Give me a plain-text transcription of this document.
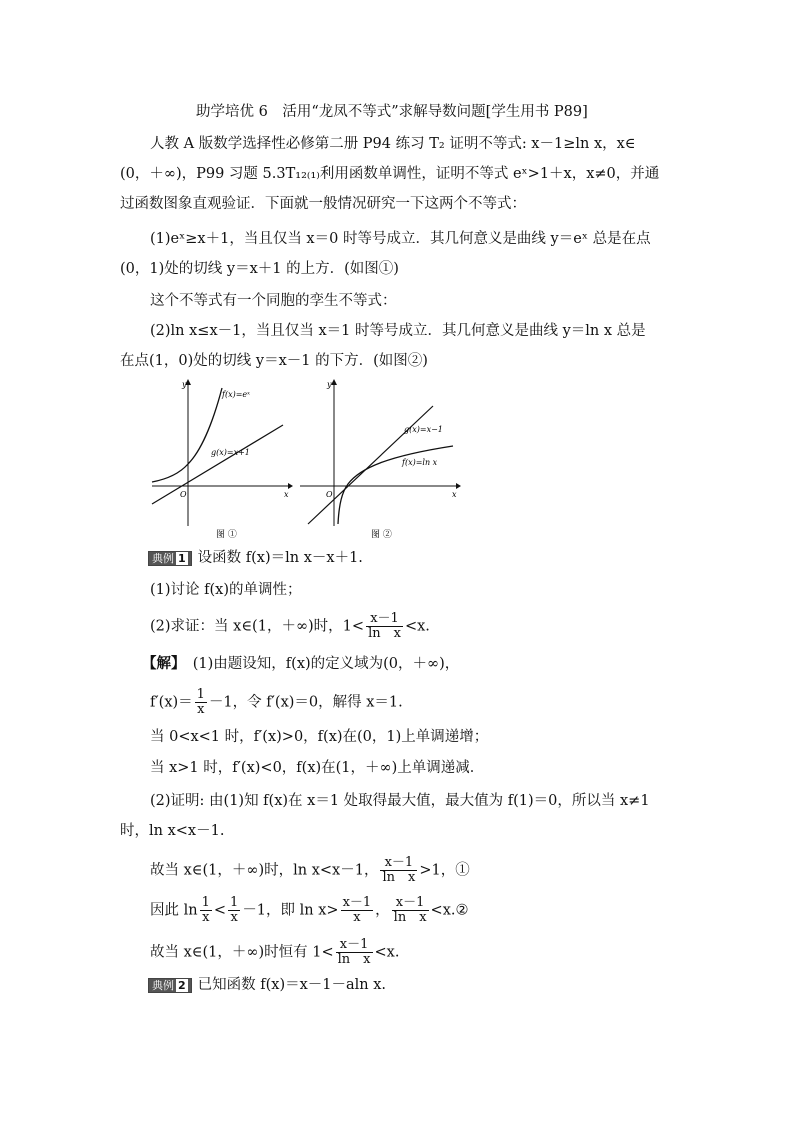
助学培优 6　活用“龙凤不等式”求解导数问题[学生用书 P89]
人教 A 版数学选择性必修第二册 P94 练习 T₂ 证明不等式: x－1≥ln x，x∈
(0，＋∞)，P99 习题 5.3T₁₂₍₁₎利用函数单调性，证明不等式 eˣ>1＋x，x≠0，并通
过函数图象直观验证．下面就一般情况研究一下这两个不等式：
(1)eˣ≥x＋1，当且仅当 x＝0 时等号成立．其几何意义是曲线 y＝eˣ 总是在点
(0，1)处的切线 y＝x＋1 的上方．(如图①)
这个不等式有一个同胞的孪生不等式：
(2)ln x≤x－1，当且仅当 x＝1 时等号成立．其几何意义是曲线 y＝ln x 总是
在点(1，0)处的切线 y＝x－1 的下方．(如图②)
y
x
O
f(x)=eˣ
g(x)=x+1
图 ①
y
x
O
g(x)=x−1
f(x)=ln x
图 ②
典例 1 设函数 f(x)＝ln x－x＋1.
(1)讨论 f(x)的单调性；
(2)求证：当 x∈(1，＋∞)时，$1< \frac{x-1}{\text{ln　x}} <x$.
【解】　 (1)由题设知，f(x)的定义域为(0，＋∞)，
$f'(x)= \frac{1}{x} -1$，令 f′(x)＝0，解得 x＝1.
当 0<x<1 时，f′(x)>0，f(x)在(0，1)上单调递增；
当 x>1 时，f′(x)<0，f(x)在(1，＋∞)上单调递减．
(2)证明: 由(1)知 f(x)在 x＝1 处取得最大值，最大值为 f(1)＝0，所以当 x≠1
时，ln x<x－1.
故当 x∈(1，＋∞)时，ln x<x－1， $\frac{x-1}{\text{ln　x}} >1$，①
因此 $\ln \frac{1}{x} < \frac{1}{x} -1$，即 $\ln x> \frac{x-1}{x}$ ， $\frac{x-1}{\text{ln　x}}$ <x.②
故当 x∈(1，＋∞)时恒有 $1< \frac{x-1}{\text{ln　x}} <x$.
典例 2 已知函数 f(x)＝x－1－aln x.
